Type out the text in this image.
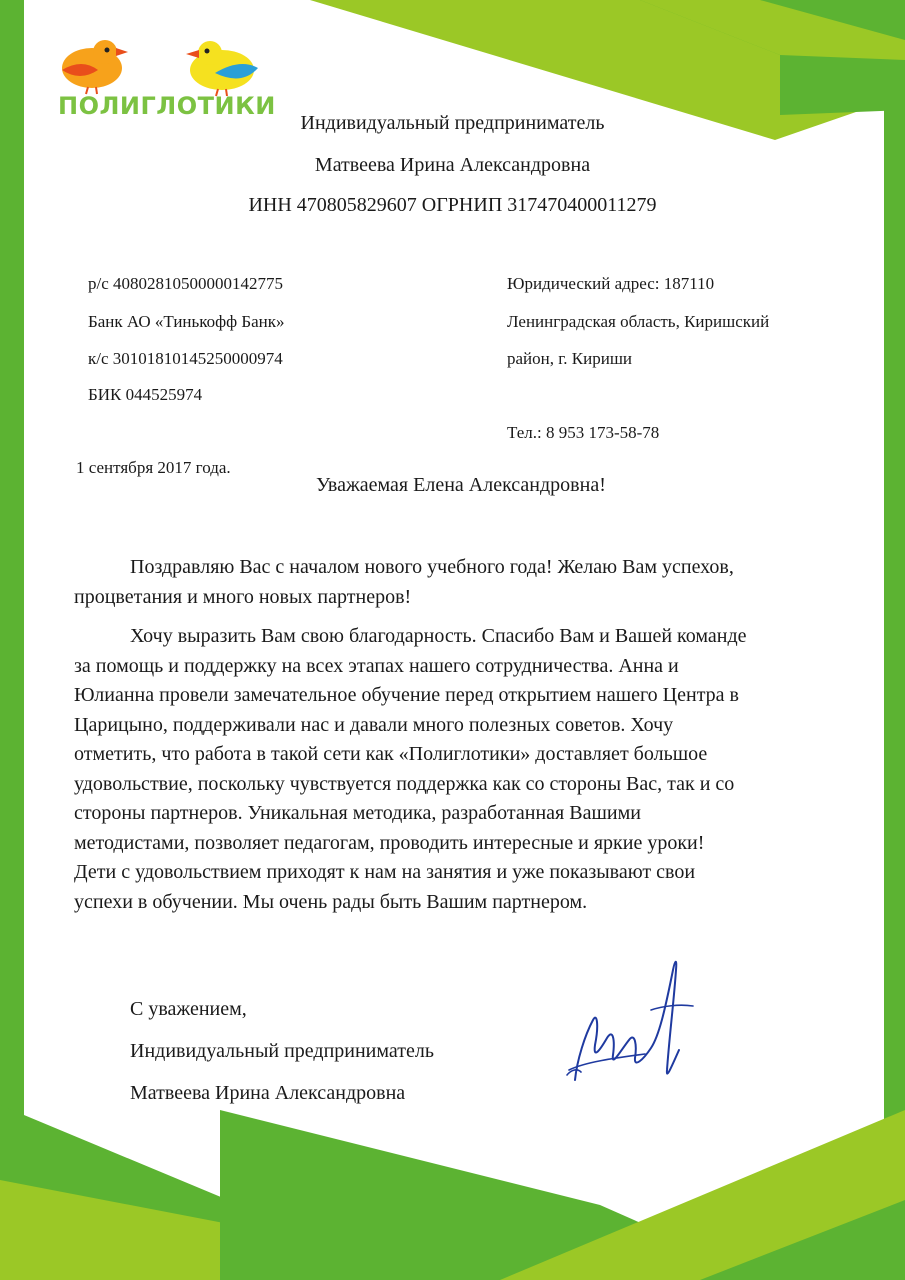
ПОЛИГЛОТИКИ
Индивидуальный предприниматель
Матвеева Ирина Александровна
ИНН 470805829607 ОГРНИП 317470400011279
р/с 40802810500000142775
Банк АО «Тинькофф Банк»
к/с 30101810145250000974
БИК 044525974
Юридический адрес: 187110
Ленинградская область, Киришский
район, г. Кириши
Тел.: 8 953 173-58-78
1 сентября 2017 года.
Уважаемая Елена Александровна!
Поздравляю Вас с началом нового учебного года! Желаю Вам успехов,
процветания и много новых партнеров!
Хочу выразить Вам свою благодарность. Спасибо Вам и Вашей команде
за помощь и поддержку на всех этапах нашего сотрудничества. Анна и
Юлианна провели замечательное обучение перед открытием нашего Центра в
Царицыно, поддерживали нас и давали много полезных советов. Хочу
отметить, что работа в такой сети как «Полиглотики» доставляет большое
удовольствие, поскольку чувствуется поддержка как со стороны Вас, так и со
стороны партнеров. Уникальная методика, разработанная Вашими
методистами, позволяет педагогам, проводить интересные и яркие уроки!
Дети с удовольствием приходят к нам на занятия и уже показывают свои
успехи в обучении. Мы очень рады быть Вашим партнером.
С уважением,
Индивидуальный предприниматель
Матвеева Ирина Александровна
